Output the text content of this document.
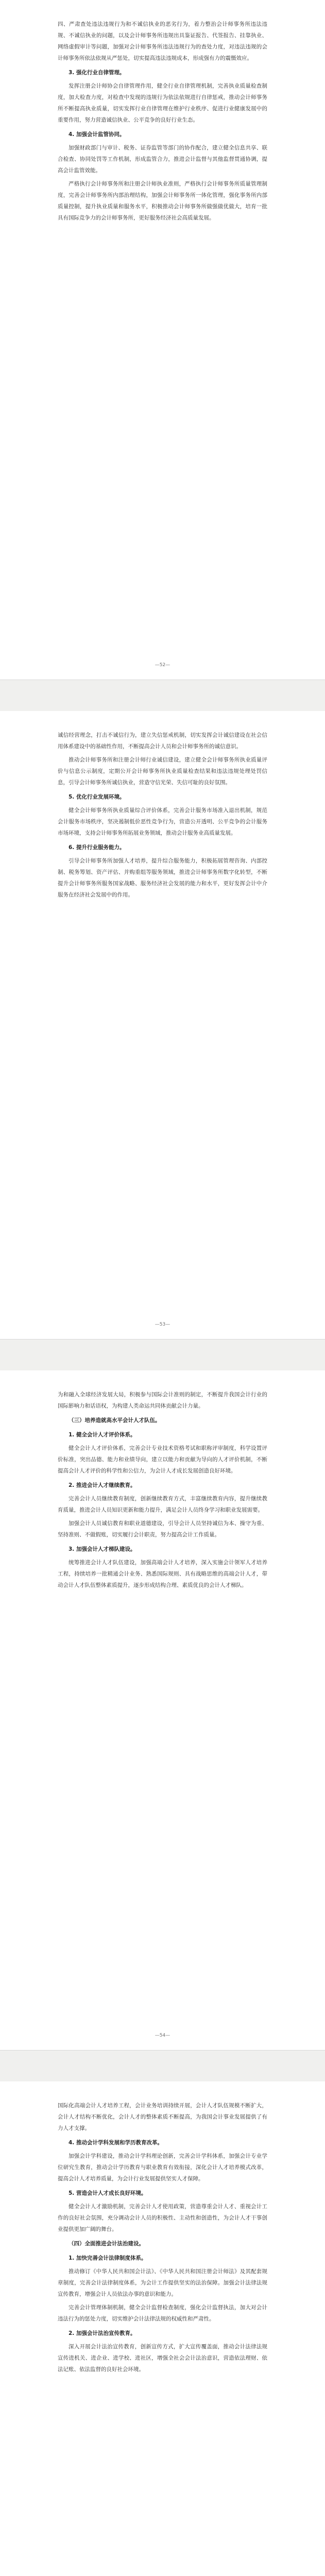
四、严肃查处违法违规行为和不诚信执业的恶劣行为，着力整治会计师事务所违法违规、不诚信执业的问题，以及会计师事务所违规出具鉴证报告、代签报告、挂靠执业、网络虚假审计等问题，加强对会计师事务所违法违规行为的查处力度，对违法违规的会计师事务所依法依规从严惩处，切实提高违法违规成本，形成强有力的震慑效应。

3. 强化行业自律管理。

发挥注册会计师协会自律管理作用，健全行业自律管理机制，完善执业质量检查制度，加大检查力度，对检查中发现的违规行为依法依规进行自律惩戒，推动会计师事务所不断提高执业质量，切实发挥行业自律管理在维护行业秩序、促进行业健康发展中的重要作用，努力营造诚信执业、公平竞争的良好行业生态。

4. 加强会计监管协同。

加强财政部门与审计、税务、证券监管等部门的协作配合，建立健全信息共享、联合检查、协同处罚等工作机制，形成监管合力，推进会计监督与其他监督贯通协调，提高会计监管效能。

严格执行会计师事务所和注册会计师执业准则，严格执行会计师事务所质量管理制度，完善会计师事务所内部治理结构，加强会计师事务所一体化管理，强化事务所内部质量控制，提升执业质量和服务水平，积极推动会计师事务所做强做优做大，培育一批具有国际竞争力的会计师事务所，更好服务经济社会高质量发展。

—52—

诚信经营理念，打击不诚信行为，建立失信惩戒机制，切实发挥会计诚信建设在社会信用体系建设中的基础性作用，不断提高会计人员和会计师事务所的诚信意识。

推动会计师事务所和注册会计师行业诚信建设，建立健全会计师事务所执业质量评价与信息公示制度，定期公开会计师事务所执业质量检查结果和违法违规处理处罚信息，引导会计师事务所诚信执业，营造守信光荣、失信可耻的良好氛围。

5. 优化行业发展环境。

健全会计师事务所执业质量综合评价体系，完善会计服务市场准入退出机制，规范会计服务市场秩序，坚决遏制低价恶性竞争行为，营造公开透明、公平竞争的会计服务市场环境，支持会计师事务所拓展业务领域，推动会计服务业高质量发展。

6. 提升行业服务能力。

引导会计师事务所加强人才培养，提升综合服务能力，积极拓展管理咨询、内部控制、税务筹划、资产评估、并购重组等服务领域，推进会计师事务所数字化转型，不断提升会计师事务所服务国家战略、服务经济社会发展的能力和水平，更好发挥会计中介服务在经济社会发展中的作用。

—53—

为和融入全球经济发展大局，积极参与国际会计准则的制定，不断提升我国会计行业的国际影响力和话语权，为构建人类命运共同体贡献会计力量。

（三）培养造就高水平会计人才队伍。

1. 健全会计人才评价体系。

健全会计人才评价体系，完善会计专业技术资格考试和职称评审制度，科学设置评价标准，突出品德、能力和业绩导向，建立以能力和贡献为导向的人才评价机制，不断提高会计人才评价的科学性和公信力，为会计人才成长发展创造良好环境。

2. 推进会计人才继续教育。

完善会计人员继续教育制度，创新继续教育方式，丰富继续教育内容，提升继续教育质量，推进会计人员知识更新和能力提升，满足会计人员终身学习和职业发展需要。

加强会计人员诚信教育和职业道德建设，引导会计人员坚持诚信为本、操守为重、坚持准则、不做假账，切实履行会计职责，努力提高会计工作质量。

3. 加强会计人才梯队建设。

统筹推进会计人才队伍建设，加强高端会计人才培养，深入实施会计领军人才培养工程，持续培养一批精通会计业务、熟悉国际规则、具有战略思维的高端会计人才，带动会计人才队伍整体素质提升，逐步形成结构合理、素质优良的会计人才梯队。

—54—

国际化高端会计人才培养工程，会计业务培训持续开展，会计人才队伍规模不断扩大，会计人才结构不断优化，会计人才的整体素质不断提高，为我国会计事业发展提供了有力人才支撑。

4. 推动会计学科发展和学历教育改革。

加强会计学科建设，推动会计学科理论创新，完善会计学科体系，加强会计专业学位研究生教育，推动会计学历教育与职业教育有效衔接，深化会计人才培养模式改革，提高会计人才培养质量，为会计行业发展提供坚实人才保障。

5. 营造会计人才成长良好环境。

健全会计人才激励机制，完善会计人才使用政策，营造尊重会计人才、重视会计工作的良好社会氛围，充分调动会计人员的积极性、主动性和创造性，为会计人才干事创业提供更加广阔的舞台。

（四）全面推进会计法治建设。

1. 加快完善会计法律制度体系。

推动修订《中华人民共和国会计法》、《中华人民共和国注册会计师法》及其配套规章制度，完善会计法律制度体系，为会计工作提供坚实的法治保障。加强会计法律法规宣传教育，增强会计人员依法办事的意识和能力。

完善会计管理体制机制，健全会计监督检查制度，强化会计监督执法，加大对会计违法行为的惩处力度，切实维护会计法律法规的权威性和严肃性。

2. 加强会计法治宣传教育。

深入开展会计法治宣传教育，创新宣传方式，扩大宣传覆盖面，推动会计法律法规宣传进机关、进企业、进学校、进社区，增强全社会会计法治意识，营造依法理财、依法记账、依法监督的良好社会环境。
